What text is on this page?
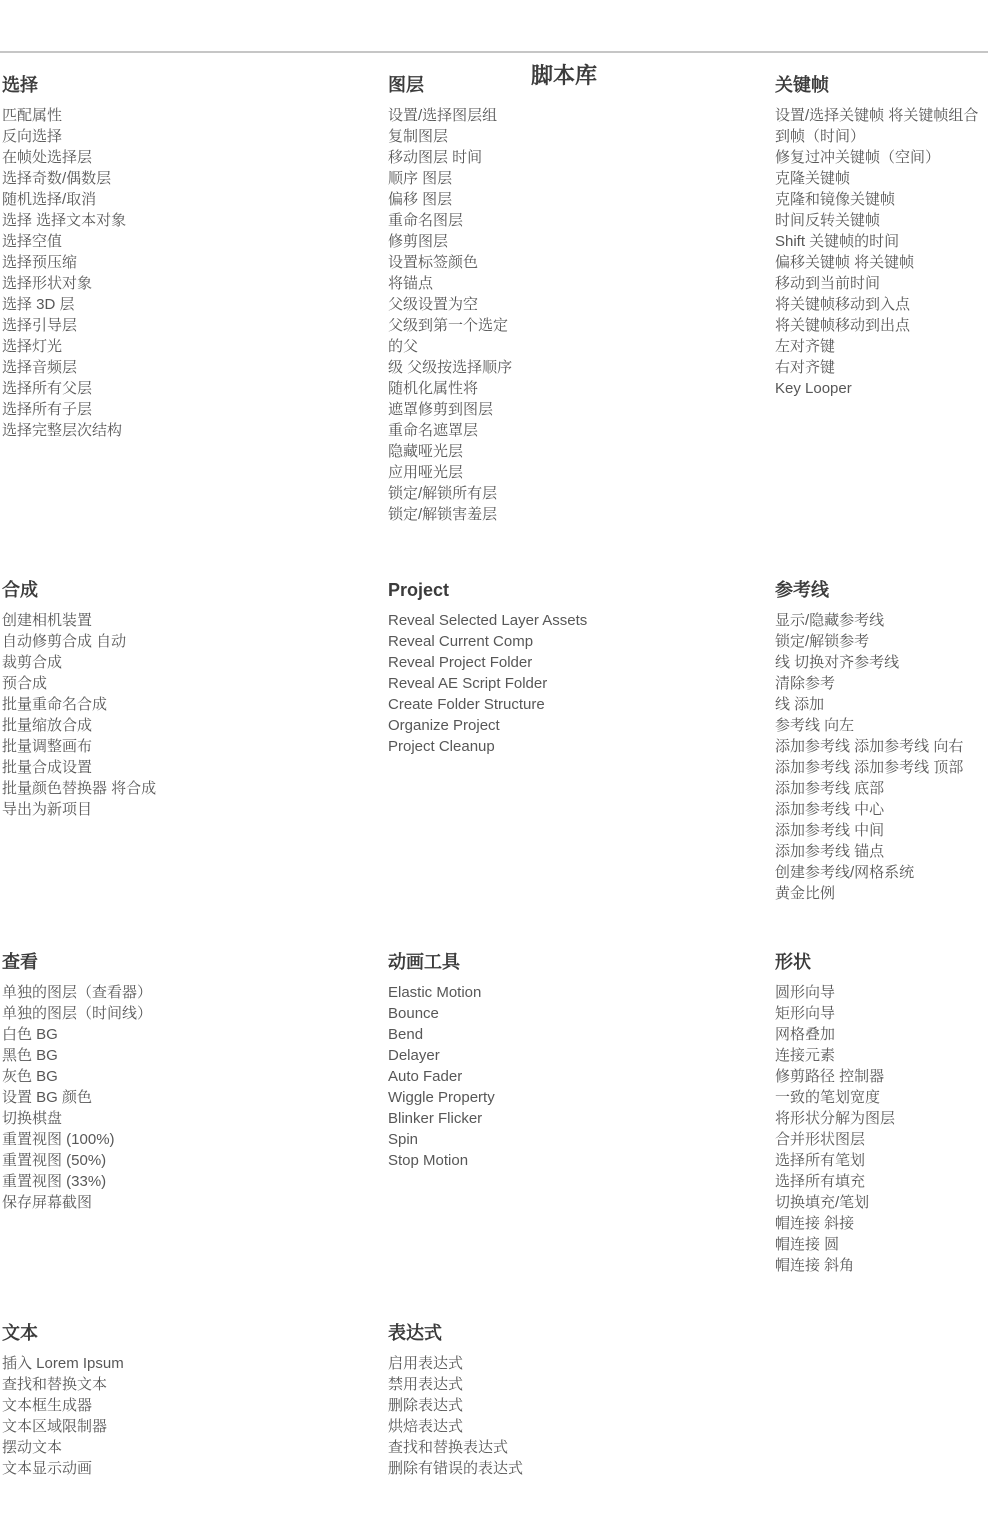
脚本库
选择
匹配属性
反向选择
在帧处选择层
选择奇数/偶数层
随机选择/取消
选择 选择文本对象
选择空值
选择预压缩
选择形状对象
选择 3D 层
选择引导层
选择灯光
选择音频层
选择所有父层
选择所有子层
选择完整层次结构
图层
设置/选择图层组
复制图层
移动图层 时间
顺序 图层
偏移 图层
重命名图层
修剪图层
设置标签颜色
将锚点
父级设置为空
父级到第一个选定
的父
级 父级按选择顺序
随机化属性将
遮罩修剪到图层
重命名遮罩层
隐藏哑光层
应用哑光层
锁定/解锁所有层
锁定/解锁害羞层
关键帧
设置/选择关键帧 将关键帧组合
到帧（时间）
修复过冲关键帧（空间）
克隆关键帧
克隆和镜像关键帧
时间反转关键帧
Shift 关键帧的时间
偏移关键帧 将关键帧
移动到当前时间
将关键帧移动到入点
将关键帧移动到出点
左对齐键
右对齐键
Key Looper
合成
创建相机装置
自动修剪合成 自动
裁剪合成
预合成
批量重命名合成
批量缩放合成
批量调整画布
批量合成设置
批量颜色替换器 将合成
导出为新项目
Project
Reveal Selected Layer Assets
Reveal Current Comp
Reveal Project Folder
Reveal AE Script Folder
Create Folder Structure
Organize Project
Project Cleanup
参考线
显示/隐藏参考线
锁定/解锁参考
线 切换对齐参考线
清除参考
线 添加
参考线 向左
添加参考线 添加参考线 向右
添加参考线 添加参考线 顶部
添加参考线 底部
添加参考线 中心
添加参考线 中间
添加参考线 锚点
创建参考线/网格系统
黄金比例
查看
单独的图层（查看器）
单独的图层（时间线）
白色 BG
黑色 BG
灰色 BG
设置 BG 颜色
切换棋盘
重置视图 (100%)
重置视图 (50%)
重置视图 (33%)
保存屏幕截图
动画工具
Elastic Motion
Bounce
Bend
Delayer
Auto Fader
Wiggle Property
Blinker Flicker
Spin
Stop Motion
形状
圆形向导
矩形向导
网格叠加
连接元素
修剪路径 控制器
一致的笔划宽度
将形状分解为图层
合并形状图层
选择所有笔划
选择所有填充
切换填充/笔划
帽连接 斜接
帽连接 圆
帽连接 斜角
文本
插入 Lorem Ipsum
查找和替换文本
文本框生成器
文本区域限制器
摆动文本
文本显示动画
表达式
启用表达式
禁用表达式
删除表达式
烘焙表达式
查找和替换表达式
删除有错误的表达式
